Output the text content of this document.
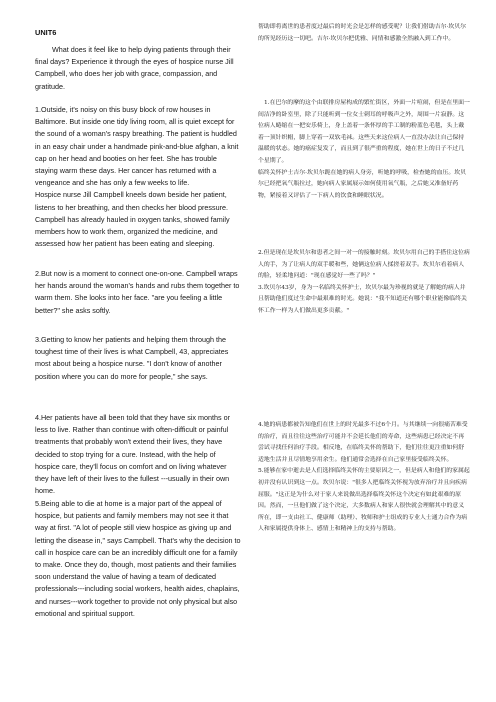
UNIT6

What does it feel like to help dying patients through their final days? Experience it through the eyes of hospice nurse Jill Campbell, who does her job with grace, compassion, and gratitude.

1.Outside, it's noisy on this busy block of row houses in Baltimore. But inside one tidy living room, all is quiet except for the sound of a woman's raspy breathing. The patient is huddled in an easy chair under a handmade pink-and-blue afghan, a knit cap on her head and booties on her feet. She has trouble staying warm these days. Her cancer has returned with a vengeance and she has only a few weeks to life.

Hospice nurse Jill Campbell kneels down beside her patient, listens to her breathing, and then checks her blood pressure. Campbell has already hauled in oxygen tanks, showed family members how to work them, organized the medicine, and assessed how her patient has been eating and sleeping.

2.But now is a moment to connect one-on-one. Campbell wraps her hands around the woman's hands and rubs them together to warm them. She looks into her face. "are you feeling a little better?" she asks softly.

3.Getting to know her patients and helping them through the toughest time of their lives is what Campbell, 43, appreciates most about being a hospice nurse. "I don't know of another position where you can do more for people," she says.

4.Her patients have all been told that they have six months or less to live. Rather than continue with often-difficult or painful treatments that probably won't extend their lives, they have decided to stop trying for a cure. Instead, with the help of hospice care, they'll focus on comfort and on living whatever they have left of their lives to the fullest ---usually in their own home.

5.Being able to die at home is a major part of the appeal of hospice, but patients and family members may not see it that way at first. "A lot of people still view hospice as giving up and letting the disease in," says Campbell. That's why the decision to call in hospice care can be an incredibly difficult one for a family to make. Once they do, though, most patients and their families soon understand the value of having a team of dedicated professionals---including social workers, health aides, chaplains, and nurses---work together to provide not only physical but also emotional and spiritual support.

帮助即将离世的患者度过最后的时光会是怎样的感受呢？让我们借助吉尔·坎贝尔的所见经历这一切吧。吉尔·坎贝尔把优雅、同情和感激全然融入到工作中。

1.在巴尔的摩的这个由联排房屋构成的繁忙街区，外面一片喧闹，但是在里面一间洁净的卧室里，除了只能听到一位女士刺耳的呼吸声之外，周围一片寂静。这位病人蜷缩在一把安乐椅上，身上盖着一条怀厚的手工制的粉蓝色毛毯，头上戴着一顶针织帽，脚上穿着一双软毛袜。这些天来这位病人一直没办法让自己保持温暖的状态。她的癌症复发了，而且到了很严重的程度，她在世上的日子不过几个星期了。

临终关怀护士吉尔·坎贝尔跪在她的病人身旁，听她的呼吸，检查她的血压。坎贝尔已经把氧气瓶拉过，她向病人家属展示如何使用氧气瓶，之后她又准备好药物，紧接着又评估了一下病人的饮食和睡眠状况。

2.但是现在是坎贝尔和患者之间一对一的接触时刻。坎贝尔用自己的手搭住这位病人的手，为了让病人的双手暖和些，她俩这位病人揉搓着双手。坎贝尔看着病人的脸，轻柔地问道："现在感觉好一些了吗？"

3.坎贝尔43岁，身为一名临终关怀护士，坎贝尔最为珍视的就是了解她的病人并且帮助他们度过生命中最艰难的时光。她说："我不知道还有哪个职业能像临终关怀工作一样为人们做出更多贡献。"

4.她的病患都被告知他们在世上的时光最多不过6个月。与其继续一向很痛苦难受的治疗，而且往往这些治疗可能并不会延长他们的寿命，这些病患已经决定不再尝试寻找任何治疗手段。相反地，在临终关怀的帮助下，他们往往更注重如何舒适地生活并且尽情地享用余生。他们通常会选择在自己家里接受临终关怀。

5.能够在家中逝去是人们选择临终关怀的主要原因之一，但是病人和他们的家属起初并没有认识到这一点。坎贝尔说："很多人把临终关怀视为放弃治疗并且向疾病屈服。"这正是为什么对于家人来说做出选择临终关怀这个决定有如此艰难的原因。然而，一旦他们做了这个决定，大多数病人和家人很快就会理解其中的意义所在，即一支由社工、健康师（助理）、牧师和护士组成的专业人士通力合作为病人和家属提供身体上、感情上和精神上的支持与帮助。
